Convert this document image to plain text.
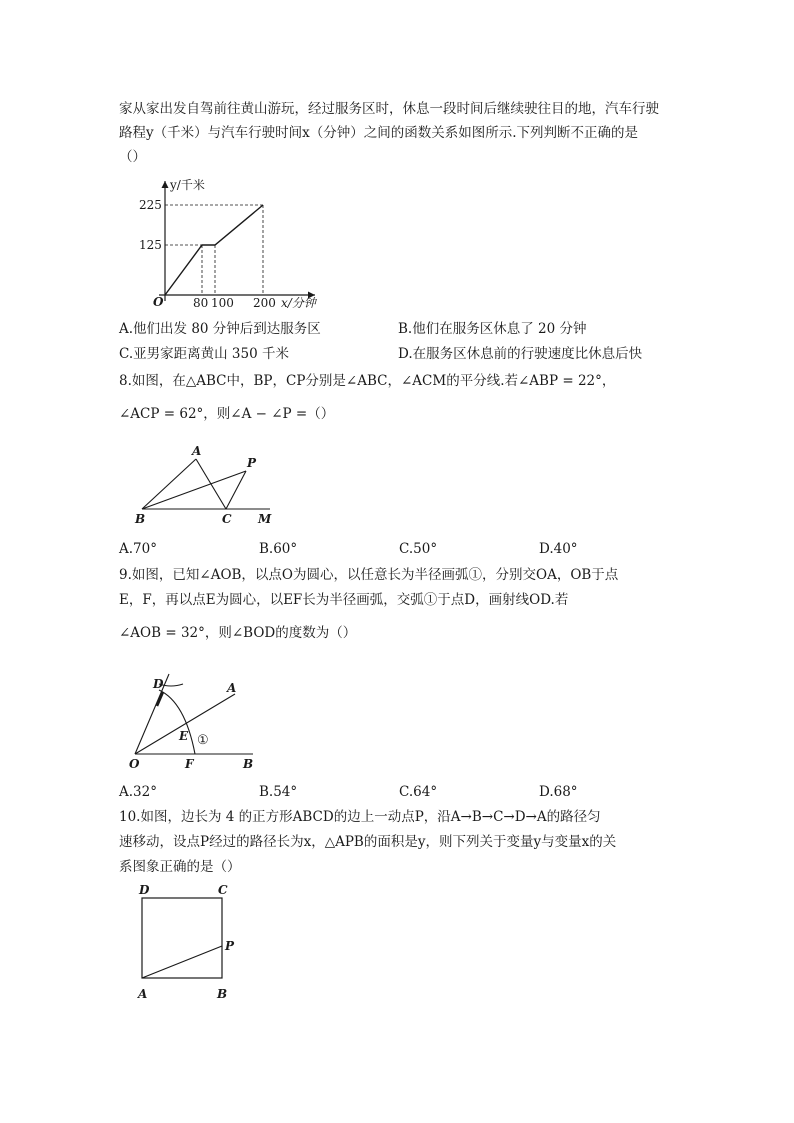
家从家出发自驾前往黄山游玩，经过服务区时，休息一段时间后继续驶往目的地，汽车行驶
路程y（千米）与汽车行驶时间x（分钟）之间的函数关系如图所示.下列判断不正确的是
（）
y/千米
225
125
O 80 100 200 x/分钟
A.他们出发 80 分钟后到达服务区	B.他们在服务区休息了 20 分钟
C.亚男家距离黄山 350 千米	D.在服务区休息前的行驶速度比休息后快
8.如图，在△ABC中，BP，CP分别是∠ABC，∠ACM的平分线.若∠ABP = 22°，
∠ACP = 62°，则∠A − ∠P =（）
A
P
B	C M
A.70°	B.60°	C.50°	D.40°
9.如图，已知∠AOB，以点O为圆心，以任意长为半径画弧①，分别交OA，OB于点
E，F，再以点E为圆心，以EF长为半径画弧，交弧①于点D，画射线OD.若
∠AOB = 32°，则∠BOD的度数为（）
D	A
E ①
O	F	B
A.32°	B.54°	C.64°	D.68°
10.如图，边长为 4 的正方形ABCD的边上一动点P，沿A→B→C→D→A的路径匀
速移动，设点P经过的路径长为x，△APB的面积是y，则下列关于变量y与变量x的关
系图象正确的是（）
D	C
P
A	B
